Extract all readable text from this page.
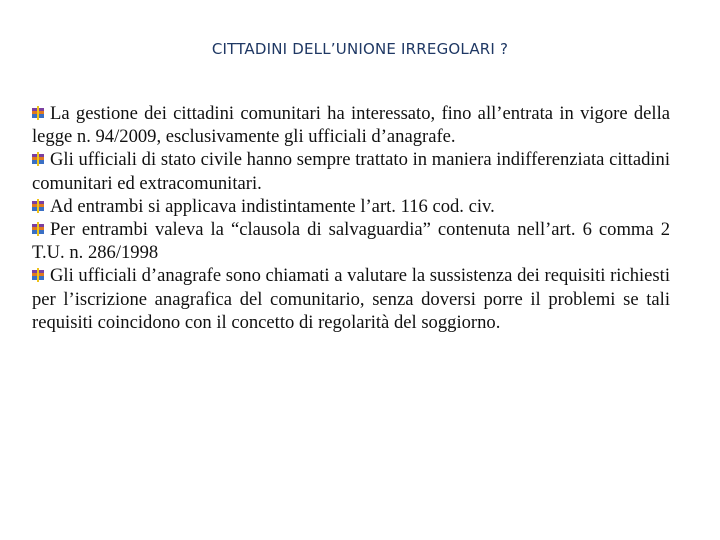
CITTADINI DELL’UNIONE IRREGOLARI ?

La gestione dei cittadini comunitari ha interessato, fino all’entrata in vigore della legge n. 94/2009, esclusivamente gli ufficiali d’anagrafe.

Gli ufficiali di stato civile hanno sempre trattato in maniera indifferenziata cittadini comunitari ed extracomunitari.

Ad entrambi si applicava indistintamente l’art. 116 cod. civ.

Per entrambi valeva la “clausola di salvaguardia” contenuta nell’art. 6 comma 2 T.U. n. 286/1998

Gli ufficiali d’anagrafe sono chiamati a valutare la sussistenza dei requisiti richiesti per l’iscrizione anagrafica del comunitario, senza doversi porre il problemi se tali requisiti coincidono con il concetto di regolarità del soggiorno.
